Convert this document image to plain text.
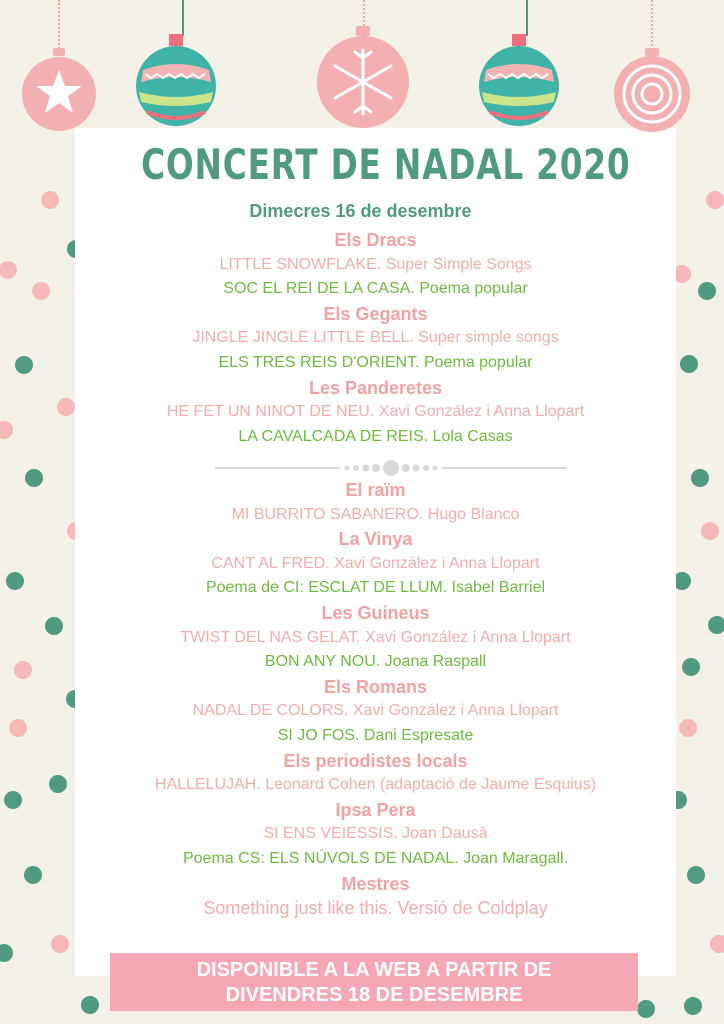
CONCERT DE NADAL 2020
Dimecres 16 de desembre
Els Dracs
LITTLE SNOWFLAKE. Super Simple Songs
SOC EL REI DE LA CASA. Poema popular
Els Gegants
JINGLE JINGLE LITTLE BELL. Super simple songs
ELS TRES REIS D'ORIENT. Poema popular
Les Panderetes
HE FET UN NINOT DE NEU. Xavi González i Anna Llopart
LA CAVALCADA DE REIS. Lola Casas
El raïm
MI BURRITO SABANERO. Hugo Blanco
La Vinya
CANT AL FRED. Xavi González i Anna Llopart
Poema de CI: ESCLAT DE LLUM. Isabel Barriel
Les Guineus
TWIST DEL NAS GELAT. Xavi González i Anna Llopart
BON ANY NOU. Joana Raspall
Els Romans
NADAL DE COLORS. Xavi González i Anna Llopart
SI JO FOS. Dani Espresate
Els periodistes locals
HALLELUJAH. Leonard Cohen (adaptació de Jaume Esquius)
Ipsa Pera
SI ENS VEIESSIS. Joan Dausà
Poema CS: ELS NÚVOLS DE NADAL. Joan Maragall.
Mestres
Something just like this. Versió de Coldplay
DISPONIBLE A LA WEB A PARTIR DE
DIVENDRES 18 DE DESEMBRE
